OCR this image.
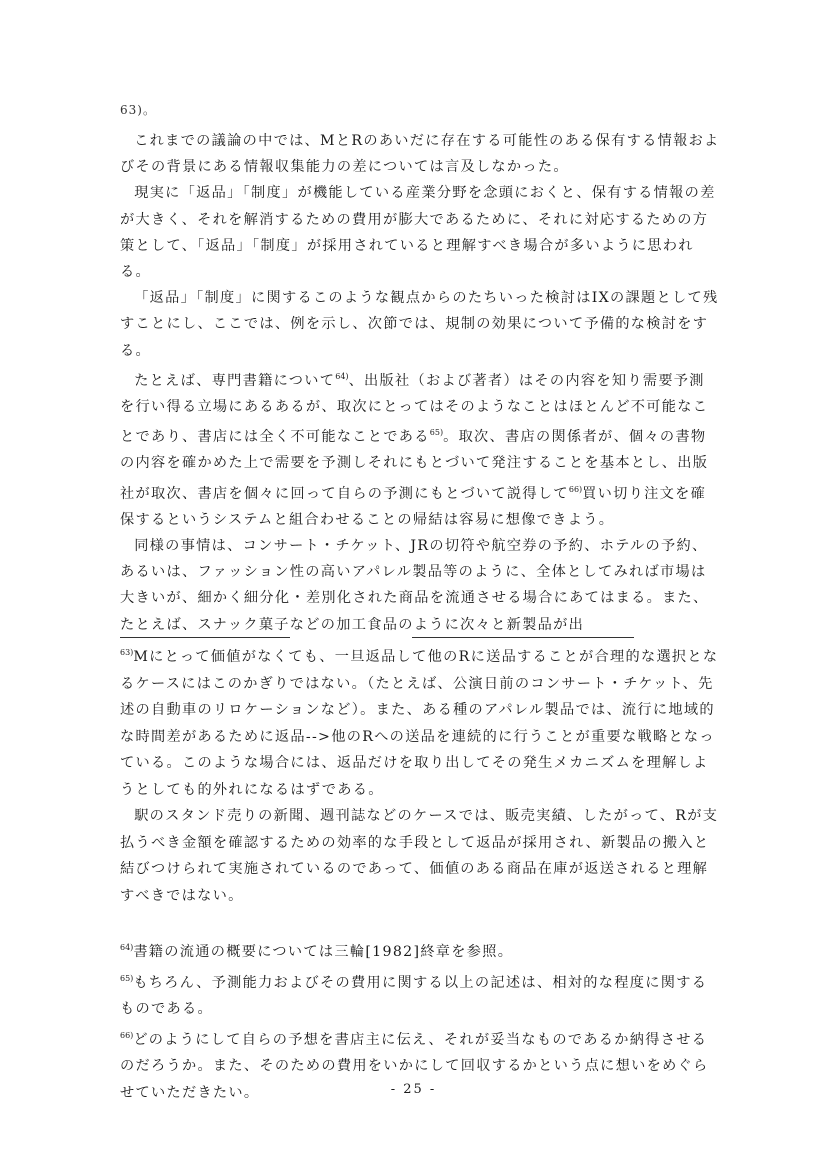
63)。

これまでの議論の中では、MとRのあいだに存在する可能性のある保有する情報およびその背景にある情報収集能力の差については言及しなかった。

現実に「返品」「制度」が機能している産業分野を念頭におくと、保有する情報の差が大きく、それを解消するための費用が膨大であるために、それに対応するための方策として、「返品」「制度」が採用されていると理解すべき場合が多いように思われる。

「返品」「制度」に関するこのような観点からのたちいった検討はIXの課題として残すことにし、ここでは、例を示し、次節では、規制の効果について予備的な検討をする。

たとえば、専門書籍について$^{64)}$、出版社（および著者）はその内容を知り需要予測を行い得る立場にあるあるが、取次にとってはそのようなことはほとんど不可能なことであり、書店には全く不可能なことである$^{65)}$。取次、書店の関係者が、個々の書物の内容を確かめた上で需要を予測しそれにもとづいて発注することを基本とし、出版社が取次、書店を個々に回って自らの予測にもとづいて説得して$^{66)}$買い切り注文を確保するというシステムと組合わせることの帰結は容易に想像できよう。

同様の事情は、コンサート・チケット、JRの切符や航空券の予約、ホテルの予約、あるいは、ファッション性の高いアパレル製品等のように、全体としてみれば市場は大きいが、細かく細分化・差別化された商品を流通させる場合にあてはまる。また、たとえば、スナック菓子などの加工食品のように次々と新製品が出

$^{63)}$Mにとって価値がなくても、一旦返品して他のRに送品することが合理的な選択となるケースにはこのかぎりではない。（たとえば、公演日前のコンサート・チケット、先述の自動車のリロケーションなど）。また、ある種のアパレル製品では、流行に地域的な時間差があるために返品-->他のRへの送品を連続的に行うことが重要な戦略となっている。このような場合には、返品だけを取り出してその発生メカニズムを理解しようとしても的外れになるはずである。

駅のスタンド売りの新聞、週刊誌などのケースでは、販売実績、したがって、Rが支払うべき金額を確認するための効率的な手段として返品が採用され、新製品の搬入と結びつけられて実施されているのであって、価値のある商品在庫が返送されると理解すべきではない。

$^{64)}$書籍の流通の概要については三輪[1982]終章を参照。

$^{65)}$もちろん、予測能力およびその費用に関する以上の記述は、相対的な程度に関するものである。

$^{66)}$どのようにして自らの予想を書店主に伝え、それが妥当なものであるか納得させるのだろうか。また、そのための費用をいかにして回収するかという点に想いをめぐらせていただきたい。	- 25 -
